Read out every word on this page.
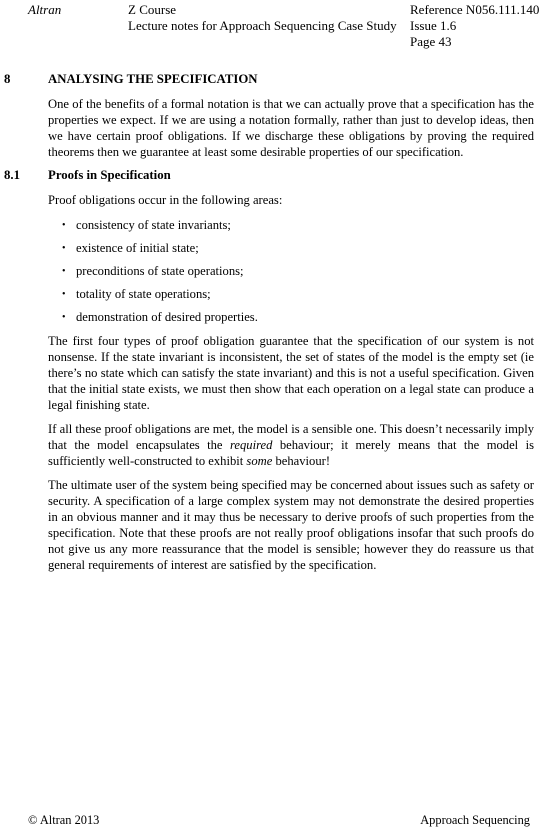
Altran	Z Course
Lecture notes for Approach Sequencing Case Study
Reference N056.111.140
Issue 1.6
Page 43
8	ANALYSING THE SPECIFICATION

One of the benefits of a formal notation is that we can actually prove that a specification has the properties we expect. If we are using a notation formally, rather than just to develop ideas, then we have certain proof obligations. If we discharge these obligations by proving the required theorems then we guarantee at least some desirable properties of our specification.

8.1 Proofs in Specification

Proof obligations occur in the following areas:

• consistency of state invariants;
• existence of initial state;
• preconditions of state operations;
• totality of state operations;
• demonstration of desired properties.

The first four types of proof obligation guarantee that the specification of our system is not nonsense. If the state invariant is inconsistent, the set of states of the model is the empty set (ie there’s no state which can satisfy the state invariant) and this is not a useful specification. Given that the initial state exists, we must then show that each operation on a legal state can produce a legal finishing state.

If all these proof obligations are met, the model is a sensible one. This doesn’t necessarily imply that the model encapsulates the required behaviour; it merely means that the model is sufficiently well-constructed to exhibit some behaviour!

The ultimate user of the system being specified may be concerned about issues such as safety or security. A specification of a large complex system may not demonstrate the desired properties in an obvious manner and it may thus be necessary to derive proofs of such properties from the specification. Note that these proofs are not really proof obligations insofar that such proofs do not give us any more reassurance that the model is sensible; however they do reassure us that general requirements of interest are satisfied by the specification.

© Altran 2013	Approach Sequencing
